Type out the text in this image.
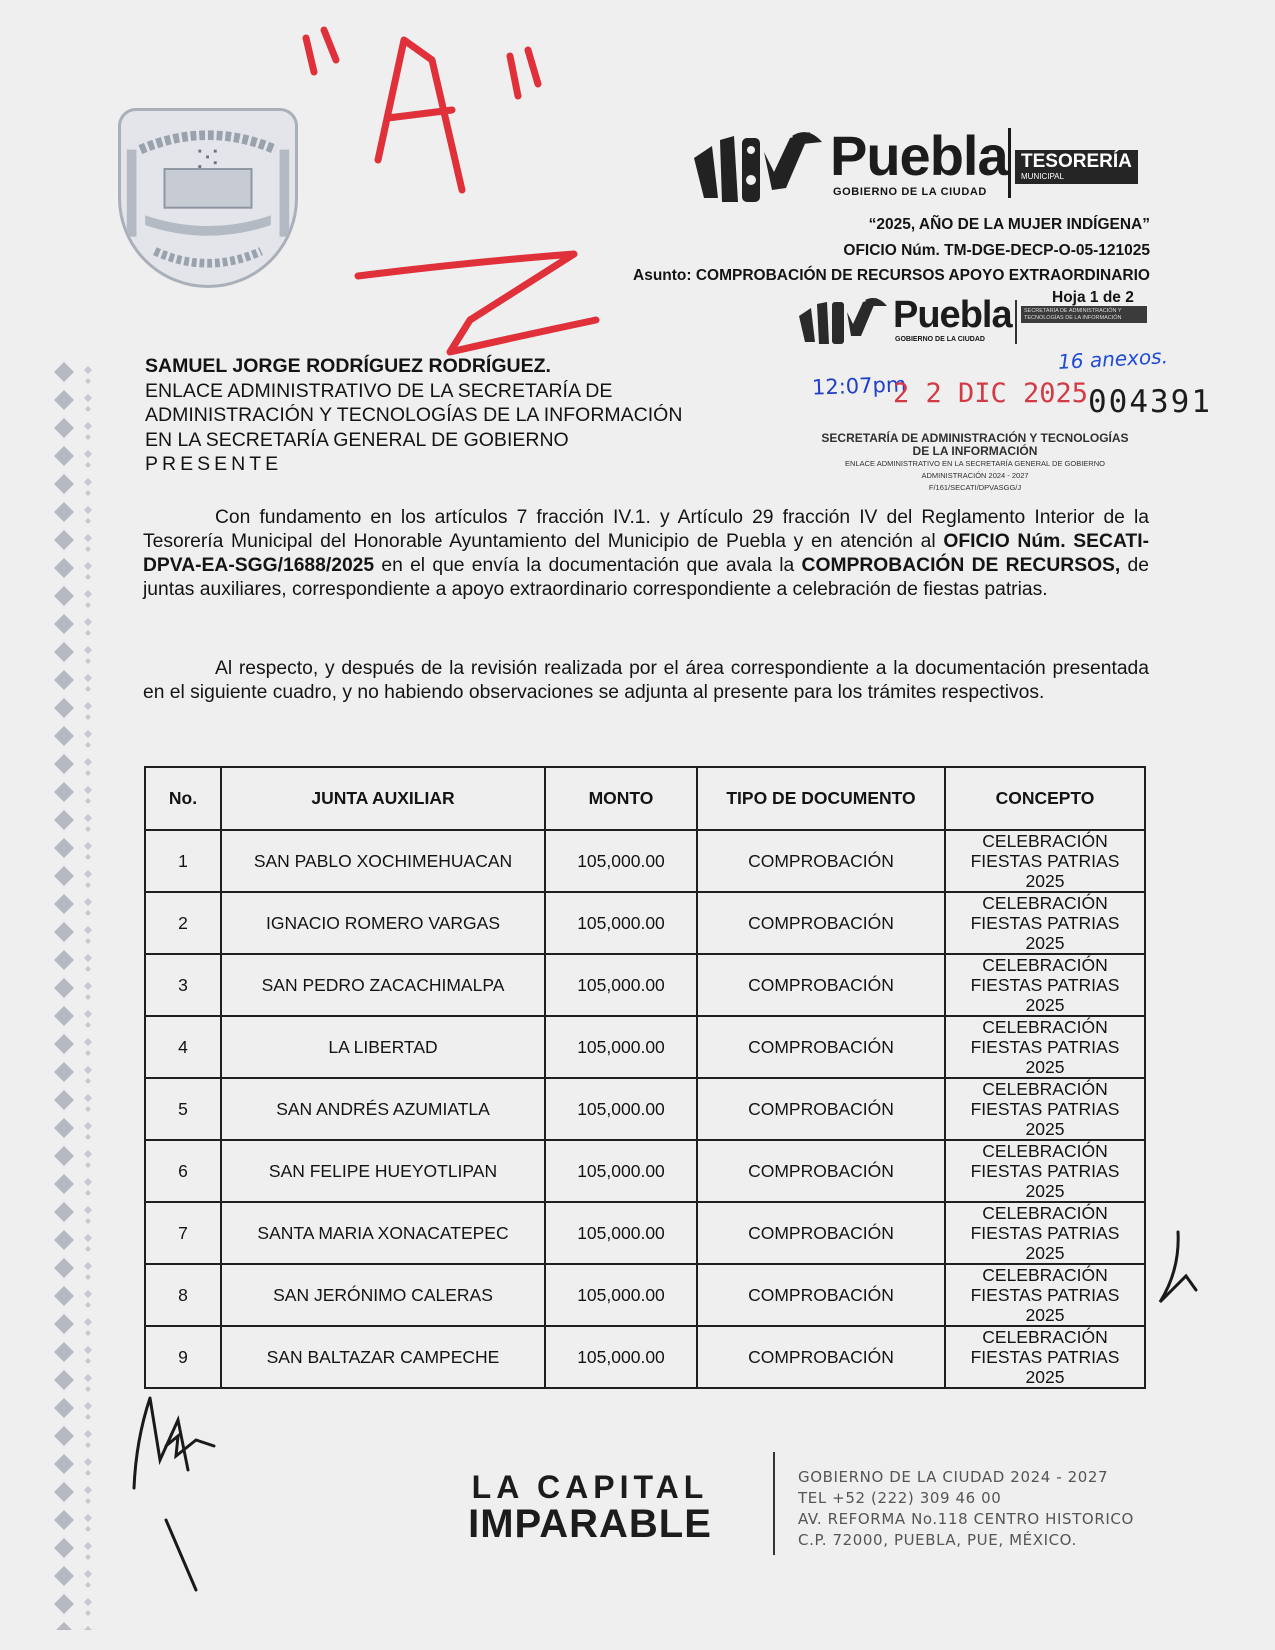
Puebla
GOBIERNO DE LA CIUDAD
TESORERÍA
MUNICIPAL
“2025, AÑO DE LA MUJER INDÍGENA”
OFICIO Núm. TM-DGE-DECP-O-05-121025
Asunto: COMPROBACIÓN DE RECURSOS APOYO EXTRAORDINARIO
Hoja 1 de 2
Puebla
GOBIERNO DE LA CIUDAD
SECRETARÍA DE ADMINISTRACIÓN Y TECNOLOGÍAS DE LA INFORMACIÓN
16 anexos.
12:07pm
2 2 DIC 2025 004391
SECRETARÍA DE ADMINISTRACIÓN Y TECNOLOGÍAS
DE LA INFORMACIÓN
ENLACE ADMINISTRATIVO EN LA SECRETARÍA GENERAL DE GOBIERNO
ADMINISTRACIÓN 2024 - 2027
F/161/SECATI/DPVASGG/J
SAMUEL JORGE RODRÍGUEZ RODRÍGUEZ.
ENLACE ADMINISTRATIVO DE LA SECRETARÍA DE
ADMINISTRACIÓN Y TECNOLOGÍAS DE LA INFORMACIÓN
EN LA SECRETARÍA GENERAL DE GOBIERNO
PRESENTE

Con fundamento en los artículos 7 fracción IV.1. y Artículo 29 fracción IV del Reglamento Interior de la Tesorería Municipal del Honorable Ayuntamiento del Municipio de Puebla y en atención al OFICIO Núm. SECATI-DPVA-EA-SGG/1688/2025 en el que envía la documentación que avala la COMPROBACIÓN DE RECURSOS, de juntas auxiliares, correspondiente a apoyo extraordinario correspondiente a celebración de fiestas patrias.

Al respecto, y después de la revisión realizada por el área correspondiente a la documentación presentada en el siguiente cuadro, y no habiendo observaciones se adjunta al presente para los trámites respectivos.

No.	JUNTA AUXILIAR	MONTO	TIPO DE DOCUMENTO	CONCEPTO
1	SAN PABLO XOCHIMEHUACAN	105,000.00	COMPROBACIÓN	CELEBRACIÓN
FIESTAS PATRIAS
2025

2	IGNACIO ROMERO VARGAS	105,000.00	COMPROBACIÓN	CELEBRACIÓN
FIESTAS PATRIAS
2025

3	SAN PEDRO ZACACHIMALPA	105,000.00	COMPROBACIÓN	CELEBRACIÓN
FIESTAS PATRIAS
2025

4	LA LIBERTAD	105,000.00	COMPROBACIÓN	CELEBRACIÓN
FIESTAS PATRIAS
2025

5	SAN ANDRÉS AZUMIATLA	105,000.00	COMPROBACIÓN	CELEBRACIÓN
FIESTAS PATRIAS
2025

6	SAN FELIPE HUEYOTLIPAN	105,000.00	COMPROBACIÓN	CELEBRACIÓN
FIESTAS PATRIAS
2025

7	SANTA MARIA XONACATEPEC	105,000.00	COMPROBACIÓN	CELEBRACIÓN
FIESTAS PATRIAS
2025

8	SAN JERÓNIMO CALERAS	105,000.00	COMPROBACIÓN	CELEBRACIÓN
FIESTAS PATRIAS
2025

9	SAN BALTAZAR CAMPECHE	105,000.00	COMPROBACIÓN	CELEBRACIÓN
FIESTAS PATRIAS
2025
LA CAPITAL
IMPARABLE
GOBIERNO DE LA CIUDAD 2024 - 2027
TEL +52 (222) 309 46 00
AV. REFORMA No.118 CENTRO HISTORICO
C.P. 72000, PUEBLA, PUE, MÉXICO.
